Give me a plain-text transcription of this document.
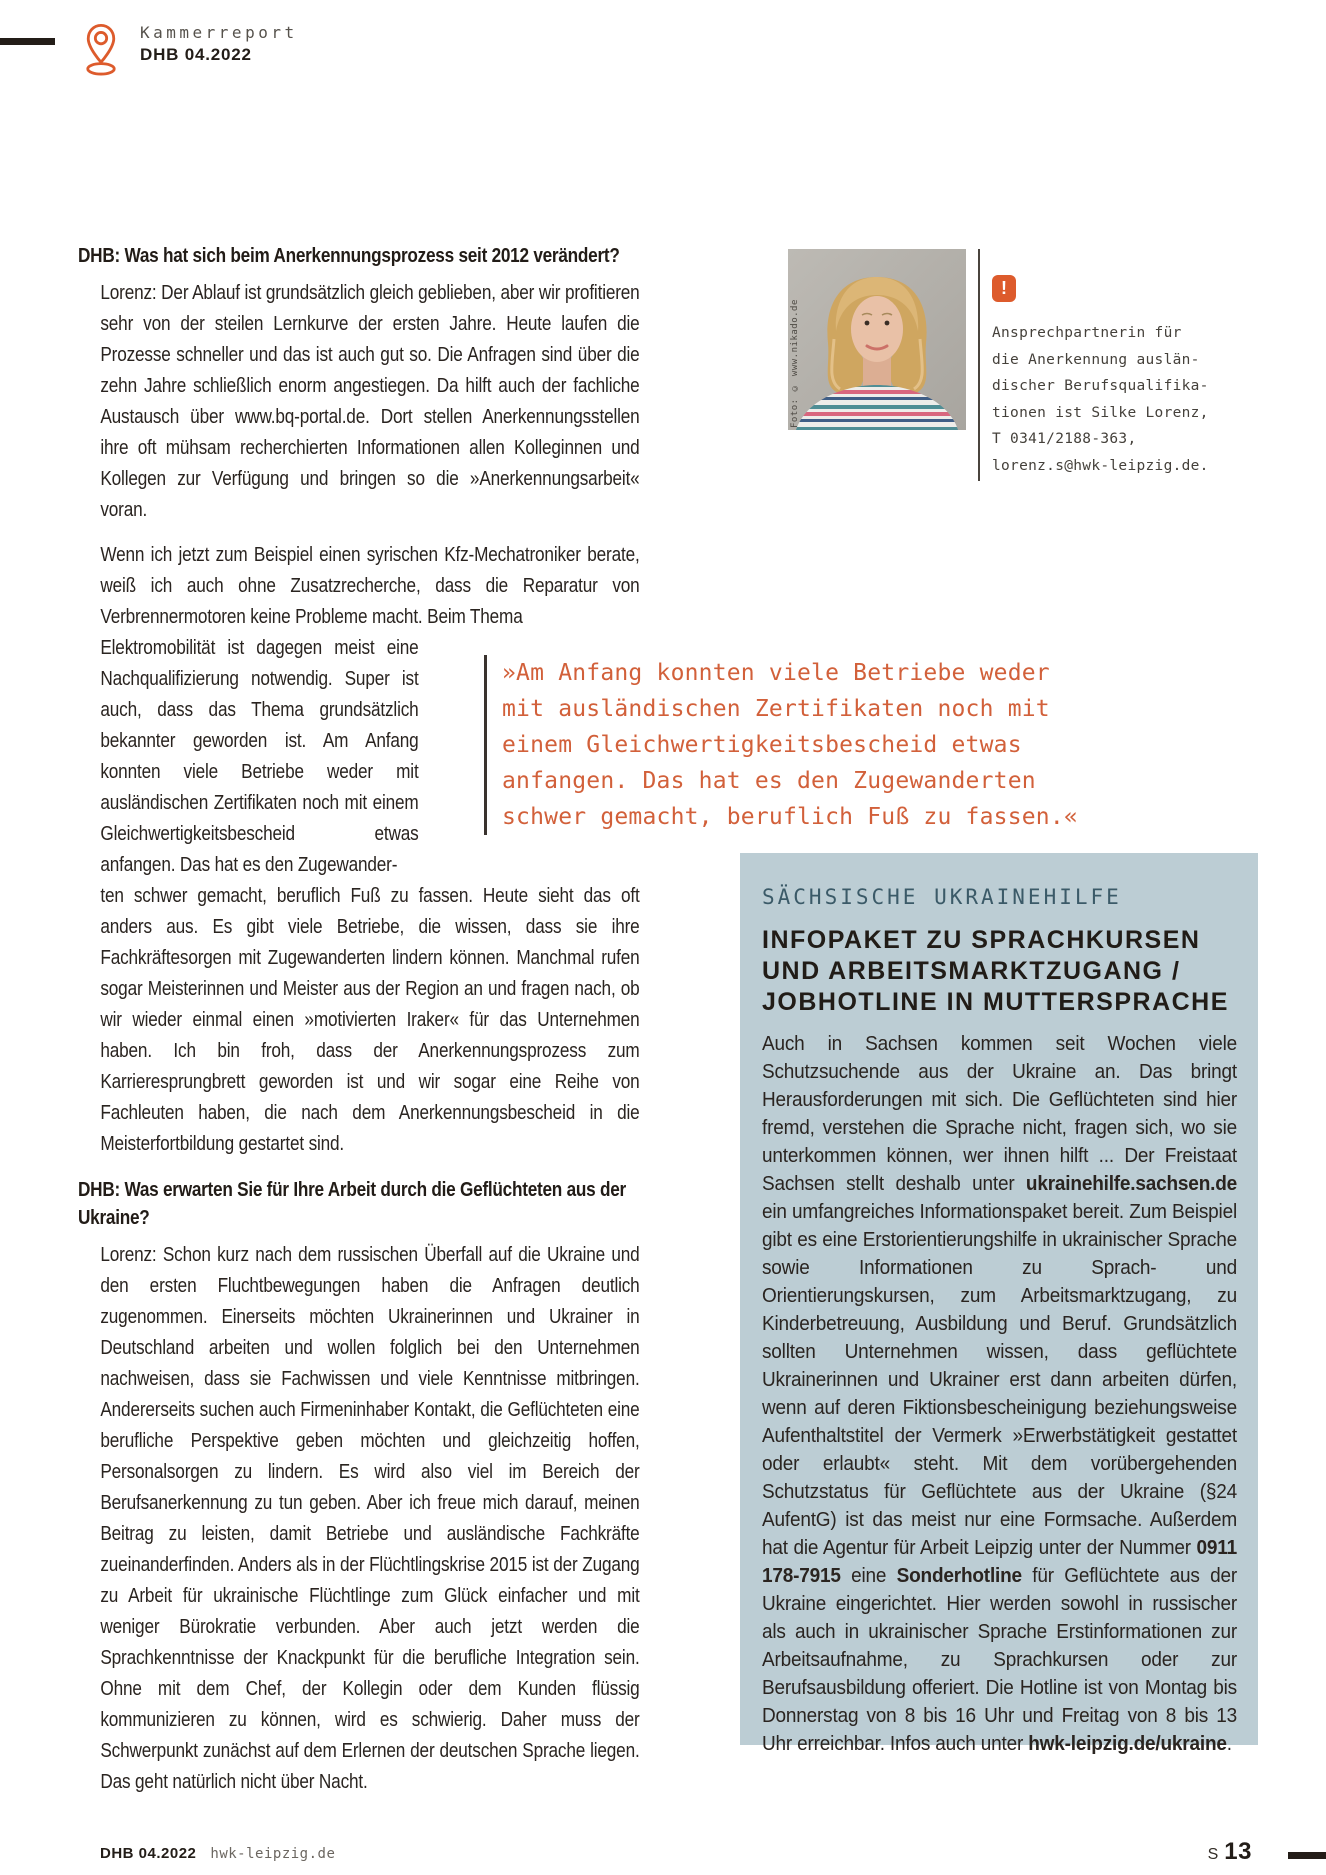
Kammerreport
DHB 04.2022
DHB: Was hat sich beim Anerkennungsprozess seit 2012 verändert?
Lorenz: Der Ablauf ist grundsätzlich gleich geblieben, aber wir profitieren sehr von der steilen Lernkurve der ersten Jahre. Heute laufen die Prozesse schneller und das ist auch gut so. Die Anfragen sind über die zehn Jahre schließlich enorm angestiegen. Da hilft auch der fachliche Austausch über www.bq-portal.de. Dort stellen Anerkennungsstellen ihre oft mühsam recherchierten Informationen allen Kolleginnen und Kollegen zur Verfügung und bringen so die »Anerkennungsarbeit« voran.
Wenn ich jetzt zum Beispiel einen syrischen Kfz-Mechatroniker berate, weiß ich auch ohne Zusatzrecherche, dass die Reparatur von Verbrennermotoren keine Probleme macht. Beim Thema
Elektromobilität ist dagegen meist eine Nachqualifizierung notwendig. Super ist auch, dass das Thema grundsätzlich bekannter geworden ist. Am Anfang konnten viele Betriebe weder mit ausländischen Zertifikaten noch mit einem Gleichwertigkeitsbescheid etwas anfangen. Das hat es den Zugewander-
ten schwer gemacht, beruflich Fuß zu fassen. Heute sieht das oft anders aus. Es gibt viele Betriebe, die wissen, dass sie ihre Fachkräftesorgen mit Zugewanderten lindern können. Manchmal rufen sogar Meisterinnen und Meister aus der Region an und fragen nach, ob wir wieder einmal einen »motivierten Iraker« für das Unternehmen haben. Ich bin froh, dass der Anerkennungsprozess zum Karrieresprungbrett geworden ist und wir sogar eine Reihe von Fachleuten haben, die nach dem Anerkennungsbescheid in die Meisterfortbildung gestartet sind.
DHB: Was erwarten Sie für Ihre Arbeit durch die Geflüchteten aus der Ukraine?
Lorenz: Schon kurz nach dem russischen Überfall auf die Ukraine und den ersten Fluchtbewegungen haben die Anfragen deutlich zugenommen. Einerseits möchten Ukrainerinnen und Ukrainer in Deutschland arbeiten und wollen folglich bei den Unternehmen nachweisen, dass sie Fachwissen und viele Kenntnisse mitbringen. Andererseits suchen auch Firmeninhaber Kontakt, die Geflüchteten eine berufliche Perspektive geben möchten und gleichzeitig hoffen, Personalsorgen zu lindern. Es wird also viel im Bereich der Berufsanerkennung zu tun geben. Aber ich freue mich darauf, meinen Beitrag zu leisten, damit Betriebe und ausländische Fachkräfte zueinanderfinden. Anders als in der Flüchtlingskrise 2015 ist der Zugang zu Arbeit für ukrainische Flüchtlinge zum Glück einfacher und mit weniger Bürokratie verbunden. Aber auch jetzt werden die Sprachkenntnisse der Knackpunkt für die berufliche Integration sein. Ohne mit dem Chef, der Kollegin oder dem Kunden flüssig kommunizieren zu können, wird es schwierig. Daher muss der Schwerpunkt zunächst auf dem Erlernen der deutschen Sprache liegen. Das geht natürlich nicht über Nacht.
Foto: © www.nikado.de
!
Ansprechpartnerin für
die Anerkennung auslän-
discher Berufsqualifika-
tionen ist Silke Lorenz,
T 0341/2188-363,
lorenz.s@hwk-leipzig.de.
»Am Anfang konnten viele Betriebe weder mit ausländischen Zertifikaten noch mit einem Gleichwertigkeitsbescheid etwas anfangen. Das hat es den Zugewanderten schwer gemacht, beruflich Fuß zu fassen.«
SÄCHSISCHE UKRAINEHILFE
INFOPAKET ZU SPRACHKURSEN UND ARBEITSMARKTZUGANG / JOBHOTLINE IN MUTTERSPRACHE
Auch in Sachsen kommen seit Wochen viele Schutzsuchende aus der Ukraine an. Das bringt Herausforderungen mit sich. Die Geflüchteten sind hier fremd, verstehen die Sprache nicht, fragen sich, wo sie unterkommen können, wer ihnen hilft ... Der Freistaat Sachsen stellt deshalb unter ukrainehilfe.sachsen.de ein umfangreiches Informationspaket bereit. Zum Beispiel gibt es eine Erstorientierungshilfe in ukrainischer Sprache sowie Informationen zu Sprach- und Orientierungskursen, zum Arbeitsmarktzugang, zu Kinderbetreuung, Ausbildung und Beruf. Grundsätzlich sollten Unternehmen wissen, dass geflüchtete Ukrainerinnen und Ukrainer erst dann arbeiten dürfen, wenn auf deren Fiktionsbescheinigung beziehungsweise Aufenthaltstitel der Vermerk »Erwerbstätigkeit gestattet oder erlaubt« steht. Mit dem vorübergehenden Schutzstatus für Geflüchtete aus der Ukraine (§24 AufentG) ist das meist nur eine Formsache. Außerdem hat die Agentur für Arbeit Leipzig unter der Nummer 0911 178-7915 eine Sonderhotline für Geflüchtete aus der Ukraine eingerichtet. Hier werden sowohl in russischer als auch in ukrainischer Sprache Erstinformationen zur Arbeitsaufnahme, zu Sprachkursen oder zur Berufsausbildung offeriert. Die Hotline ist von Montag bis Donnerstag von 8 bis 16 Uhr und Freitag von 8 bis 13 Uhr erreichbar. Infos auch unter hwk-leipzig.de/ukraine.
DHB 04.2022 hwk-leipzig.de	S 13
